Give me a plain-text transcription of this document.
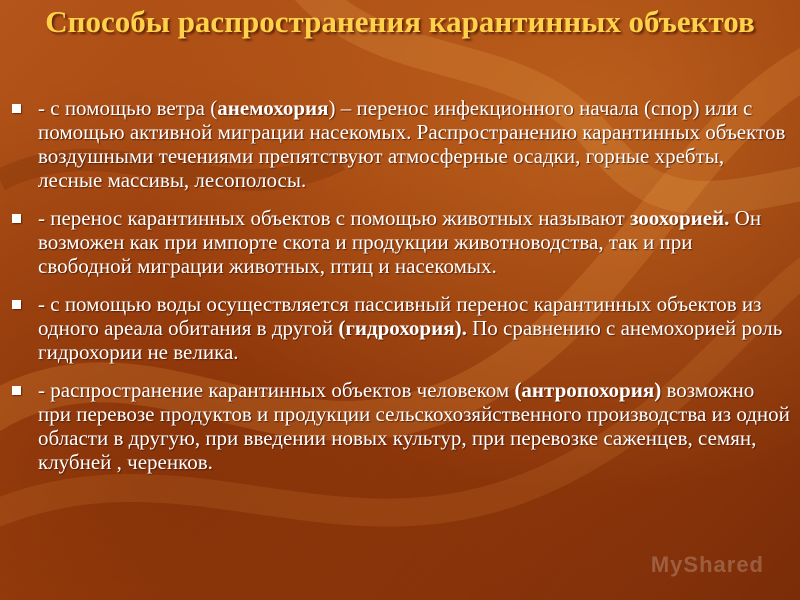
Способы распространения карантинных объектов
- с помощью ветра (анемохория) – перенос инфекционного начала (спор) или с помощью активной миграции насекомых. Распространению карантинных объектов воздушными течениями препятствуют атмосферные осадки, горные хребты, лесные массивы, лесополосы.
- перенос карантинных объектов с помощью животных называют зоохорией. Он возможен как при импорте скота и продукции животноводства, так и при свободной миграции животных, птиц и насекомых.
- с помощью воды осуществляется пассивный перенос карантинных объектов из одного ареала обитания в другой (гидрохория). По сравнению с анемохорией роль гидрохории не велика.
- распространение карантинных объектов человеком (антропохория) возможно при перевозе продуктов и продукции сельскохозяйственного производства из одной области в другую, при введении новых культур, при перевозке саженцев, семян, клубней , черенков.
MyShared
